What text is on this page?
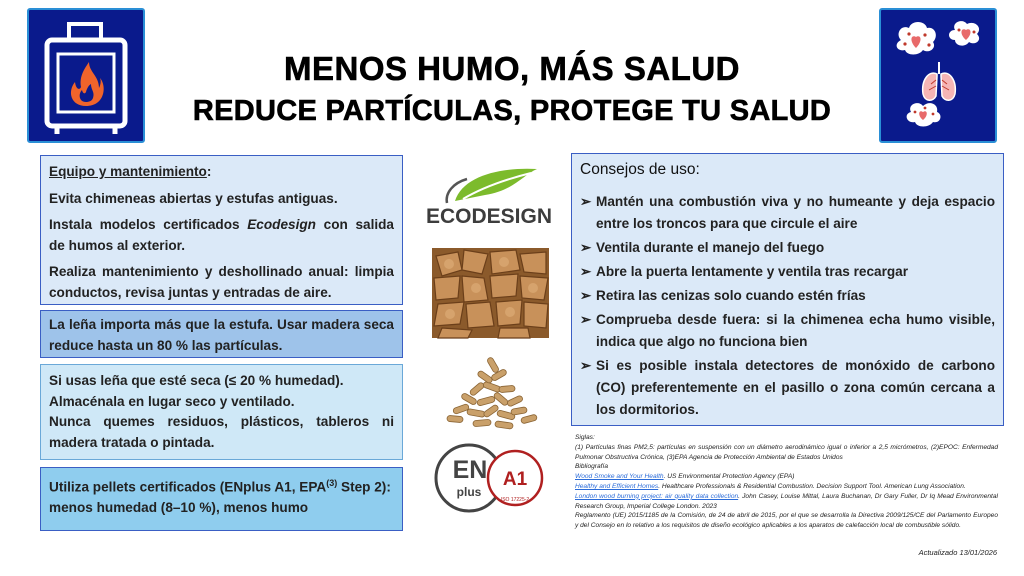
MENOS HUMO, MÁS SALUD
REDUCE PARTÍCULAS, PROTEGE TU SALUD

Equipo y mantenimiento:

Evita chimeneas abiertas y estufas antiguas.

Instala modelos certificados Ecodesign con salida de humos al exterior.

Realiza mantenimiento y deshollinado anual: limpia conductos, revisa juntas y entradas de aire.

La leña importa más que la estufa. Usar madera seca reduce hasta un 80 % las partículas.

Si usas leña que esté seca (≤ 20 % humedad).

Almacénala en lugar seco y ventilado.

Nunca quemes residuos, plásticos, tableros ni madera tratada o pintada.

Utiliza pellets certificados (ENplus A1, EPA$^{(3)}$ Step 2): menos humedad (8–10 %), menos humo

ECODESIGN
EN
plus
A1
ISO 17225-2
Consejos de uso:
➢ Mantén una combustión viva y no humeante y deja espacio entre los troncos para que circule el aire
➢ Ventila durante el manejo del fuego
➢ Abre la puerta lentamente y ventila tras recargar
➢ Retira las cenizas solo cuando estén frías
➢ Comprueba desde fuera: si la chimenea echa humo visible, indica que algo no funciona bien
➢ Si es posible instala detectores de monóxido de carbono (CO) preferentemente en el pasillo o zona común cercana a los dormitorios.

Siglas:

(1) Partículas finas PM2,5: partículas en suspensión con un diámetro aerodinámico igual o inferior a 2,5 micrómetros, (2)EPOC: Enfermedad Pulmonar Obstructiva Crónica, (3)EPA Agencia de Protección Ambiental de Estados Unidos

Bibliografía

Wood Smoke and Your Health. US Environmental Protection Agency (EPA)

Healthy and Efficient Homes. Healthcare Professionals & Residential Combustion. Decision Support Tool. American Lung Association.

London wood burning project: air quality data collection. John Casey, Louise Mittal, Laura Buchanan, Dr Gary Fuller, Dr Iq Mead Environmental Research Group, Imperial College London. 2023

Reglamento (UE) 2015/1185 de la Comisión, de 24 de abril de 2015, por el que se desarrolla la Directiva 2009/125/CE del Parlamento Europeo y del Consejo en lo relativo a los requisitos de diseño ecológico aplicables a los aparatos de calefacción local de combustible sólido.

Actualizado 13/01/2026
